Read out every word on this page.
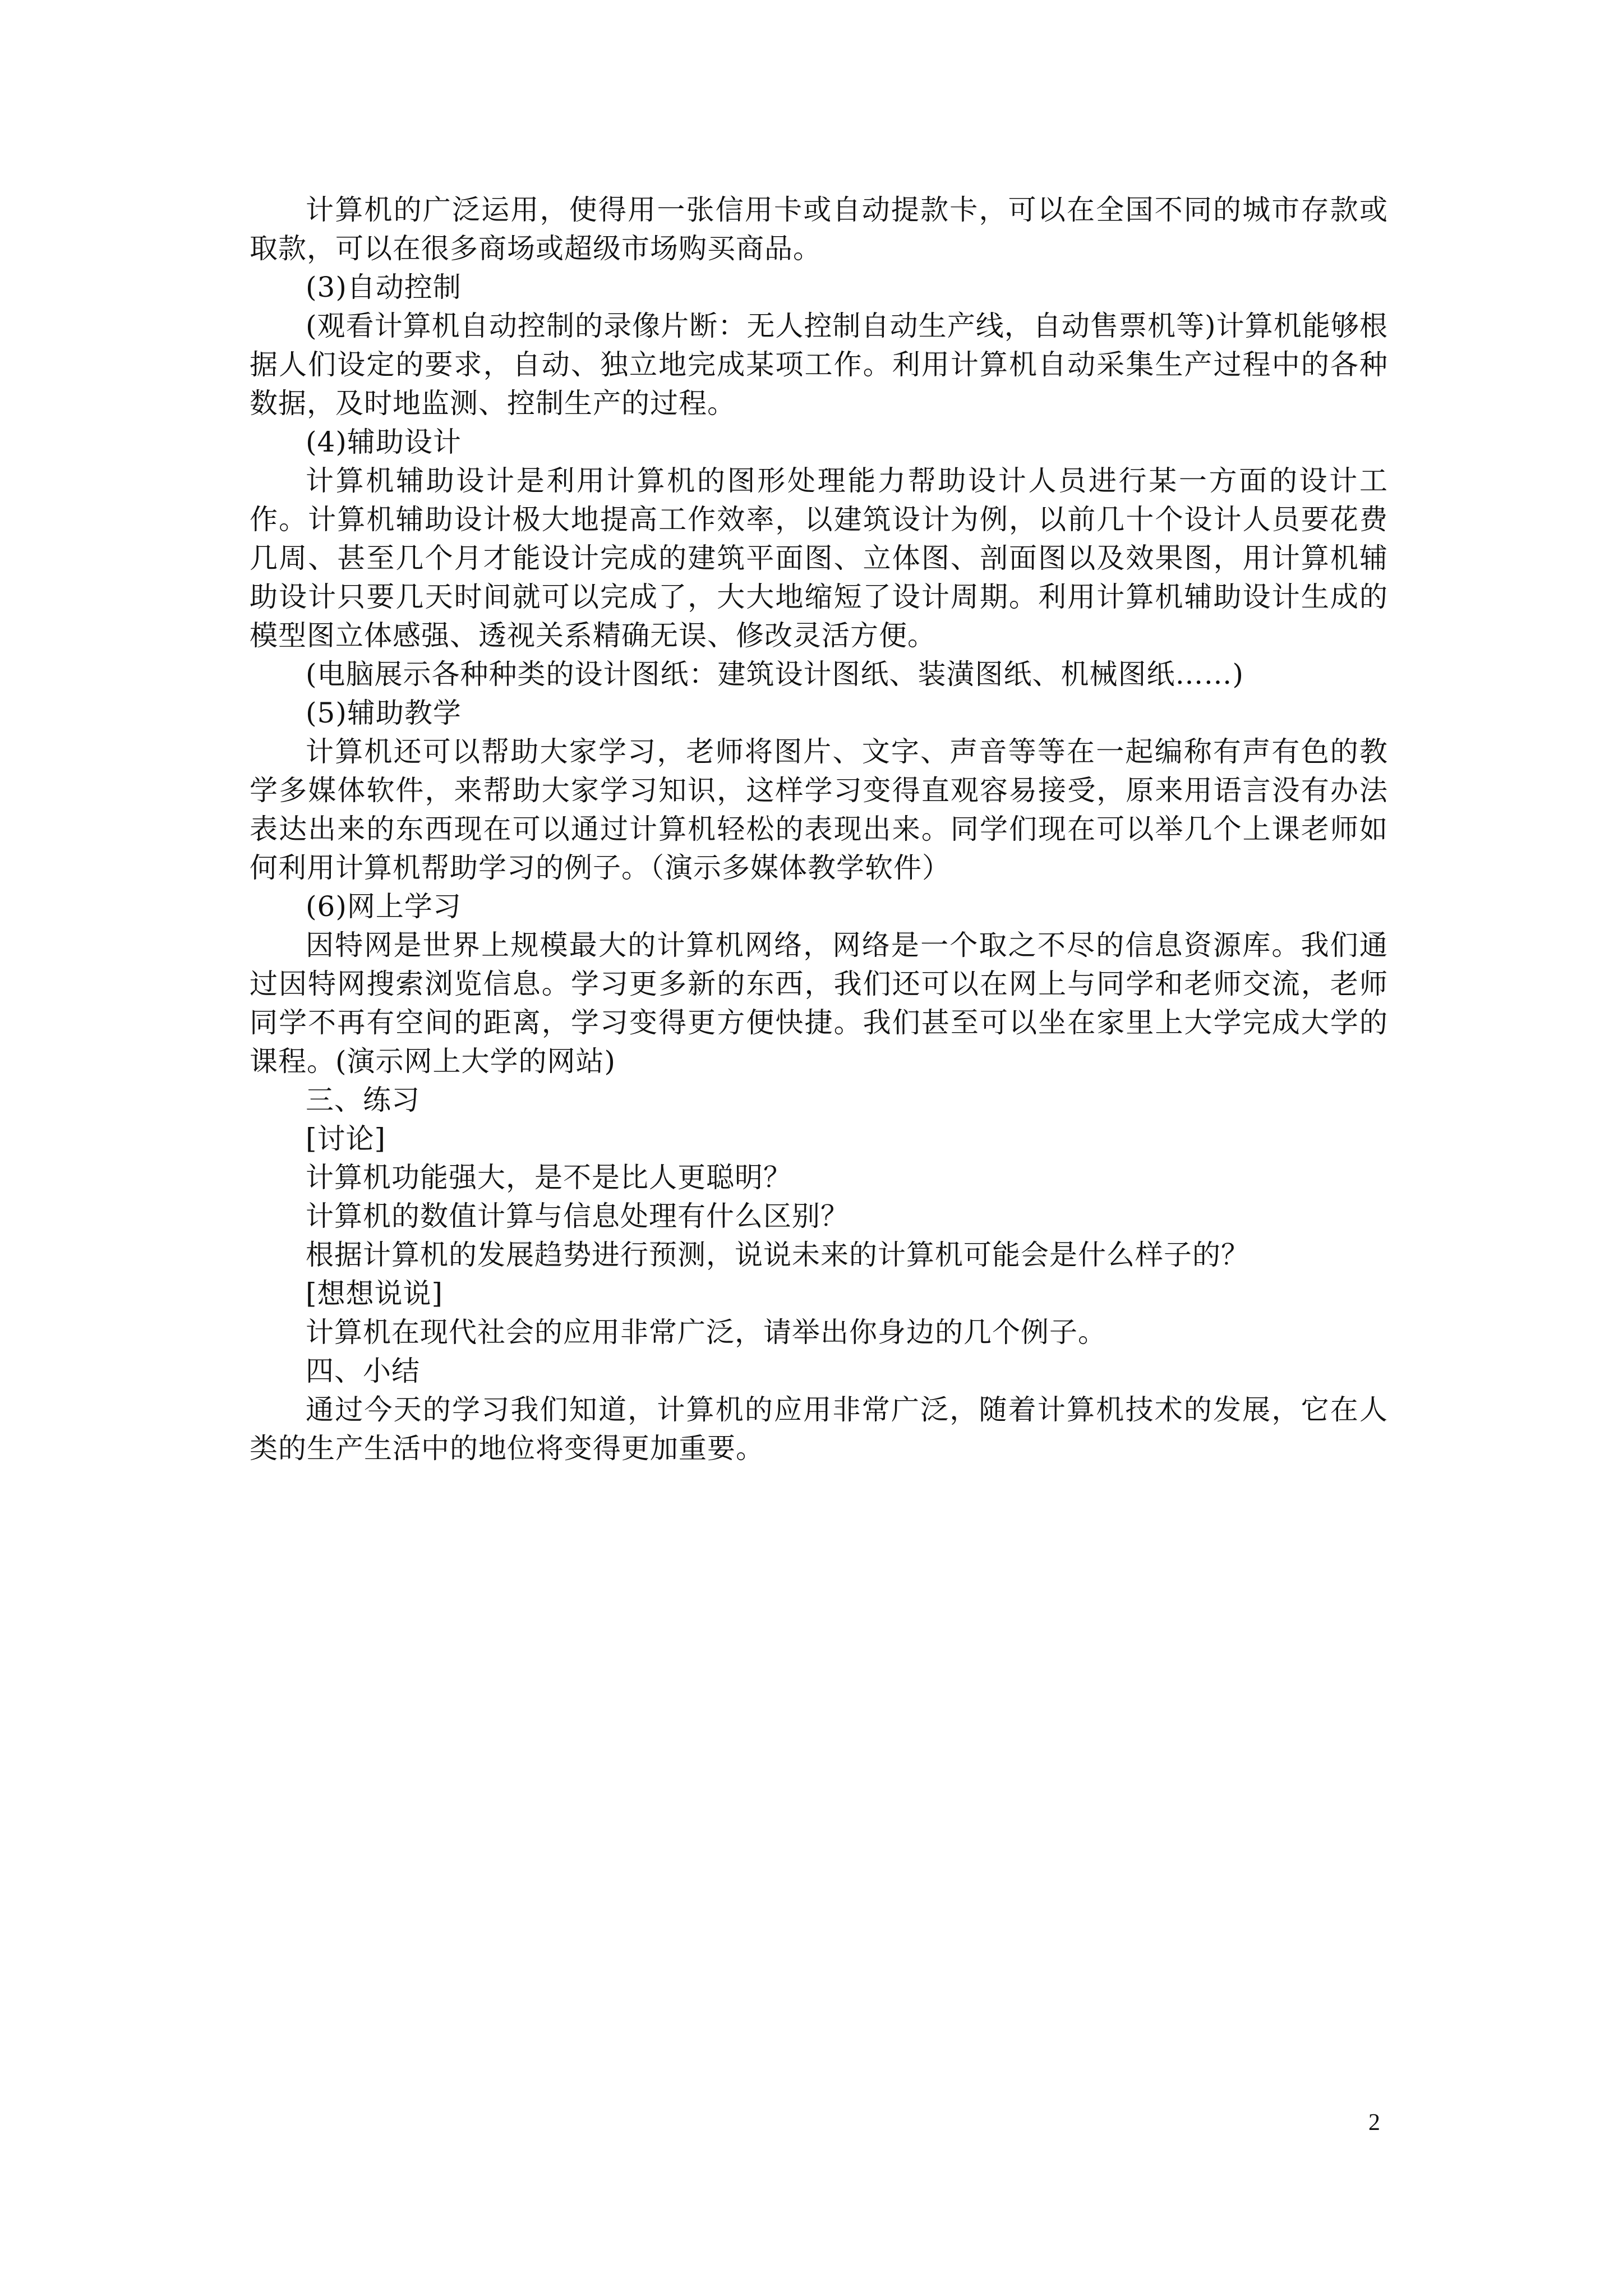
计算机的广泛运用，使得用一张信用卡或自动提款卡，可以在全国不同的城市存款或取款，可以在很多商场或超级市场购买商品。

(3)自动控制

(观看计算机自动控制的录像片断：无人控制自动生产线，自动售票机等)计算机能够根据人们设定的要求，自动、独立地完成某项工作。利用计算机自动采集生产过程中的各种数据，及时地监测、控制生产的过程。

(4)辅助设计

计算机辅助设计是利用计算机的图形处理能力帮助设计人员进行某一方面的设计工作。计算机辅助设计极大地提高工作效率，以建筑设计为例，以前几十个设计人员要花费几周、甚至几个月才能设计完成的建筑平面图、立体图、剖面图以及效果图，用计算机辅助设计只要几天时间就可以完成了，大大地缩短了设计周期。利用计算机辅助设计生成的模型图立体感强、透视关系精确无误、修改灵活方便。

(电脑展示各种种类的设计图纸：建筑设计图纸、装潢图纸、机械图纸……)

(5)辅助教学

计算机还可以帮助大家学习，老师将图片、文字、声音等等在一起编称有声有色的教学多媒体软件，来帮助大家学习知识，这样学习变得直观容易接受，原来用语言没有办法表达出来的东西现在可以通过计算机轻松的表现出来。同学们现在可以举几个上课老师如何利用计算机帮助学习的例子。（演示多媒体教学软件）

(6)网上学习

因特网是世界上规模最大的计算机网络，网络是一个取之不尽的信息资源库。我们通过因特网搜索浏览信息。学习更多新的东西，我们还可以在网上与同学和老师交流，老师同学不再有空间的距离，学习变得更方便快捷。我们甚至可以坐在家里上大学完成大学的课程。(演示网上大学的网站)

三、练习

[讨论]

计算机功能强大，是不是比人更聪明？

计算机的数值计算与信息处理有什么区别？

根据计算机的发展趋势进行预测，说说未来的计算机可能会是什么样子的？

[想想说说]

计算机在现代社会的应用非常广泛，请举出你身边的几个例子。

四、小结

通过今天的学习我们知道，计算机的应用非常广泛，随着计算机技术的发展，它在人类的生产生活中的地位将变得更加重要。

2
